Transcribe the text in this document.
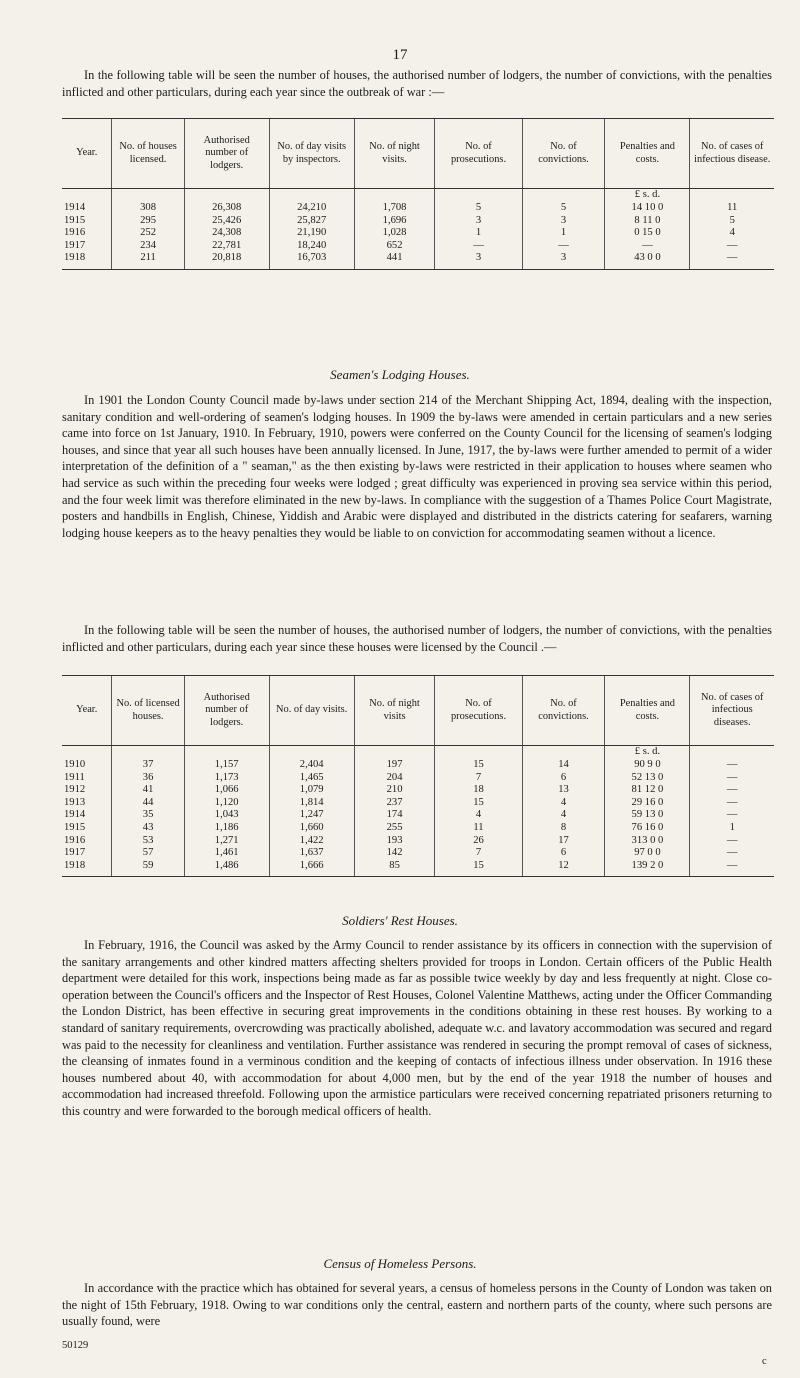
17

In the following table will be seen the number of houses, the authorised number of lodgers, the number of convictions, with the penalties inflicted and other particulars, during each year since the outbreak of war :—

Year.	No. of houses licensed.	Authorised number of lodgers.	No. of day visits by inspectors.	No. of night visits.	No. of prosecutions.	No. of convictions.	Penalties and costs.	No. of cases of infectious disease.
							£ s. d.	
1914	308	26,308	24,210	1,708	5	5	14 10 0	11
1915	295	25,426	25,827	1,696	3	3	8 11 0	5
1916	252	24,308	21,190	1,028	1	1	0 15 0	4
1917	234	22,781	18,240	652	—	—	—	—
1918	211	20,818	16,703	441	3	3	43 0 0	—
Seamen's Lodging Houses.

In 1901 the London County Council made by-laws under section 214 of the Merchant Shipping Act, 1894, dealing with the inspection, sanitary condition and well-ordering of seamen's lodging houses. In 1909 the by-laws were amended in certain particulars and a new series came into force on 1st January, 1910. In February, 1910, powers were conferred on the County Council for the licensing of seamen's lodging houses, and since that year all such houses have been annually licensed. In June, 1917, the by-laws were further amended to permit of a wider interpretation of the definition of a " seaman," as the then existing by-laws were restricted in their application to houses where seamen who had service as such within the preceding four weeks were lodged ; great difficulty was experienced in proving sea service within this period, and the four week limit was therefore eliminated in the new by-laws. In compliance with the suggestion of a Thames Police Court Magistrate, posters and handbills in English, Chinese, Yiddish and Arabic were displayed and distributed in the districts catering for seafarers, warning lodging house keepers as to the heavy penalties they would be liable to on conviction for accommodating seamen without a licence.

In the following table will be seen the number of houses, the authorised number of lodgers, the number of convictions, with the penalties inflicted and other particulars, during each year since these houses were licensed by the Council .—

Year.	No. of licensed houses.	Authorised number of lodgers.	No. of day visits.	No. of night visits	No. of prosecutions.	No. of convictions.	Penalties and costs.	No. of cases of infectious diseases.
							£ s. d.	
1910	37	1,157	2,404	197	15	14	90 9 0	—
1911	36	1,173	1,465	204	7	6	52 13 0	—
1912	41	1,066	1,079	210	18	13	81 12 0	—
1913	44	1,120	1,814	237	15	4	29 16 0	—
1914	35	1,043	1,247	174	4	4	59 13 0	—
1915	43	1,186	1,660	255	11	8	76 16 0	1
1916	53	1,271	1,422	193	26	17	313 0 0	—
1917	57	1,461	1,637	142	7	6	97 0 0	—
1918	59	1,486	1,666	85	15	12	139 2 0	—
Soldiers' Rest Houses.

In February, 1916, the Council was asked by the Army Council to render assistance by its officers in connection with the supervision of the sanitary arrangements and other kindred matters affecting shelters provided for troops in London. Certain officers of the Public Health department were detailed for this work, inspections being made as far as possible twice weekly by day and less frequently at night. Close co-operation between the Council's officers and the Inspector of Rest Houses, Colonel Valentine Matthews, acting under the Officer Commanding the London District, has been effective in securing great improvements in the conditions obtaining in these rest houses. By working to a standard of sanitary requirements, overcrowding was practically abolished, adequate w.c. and lavatory accommodation was secured and regard was paid to the necessity for cleanliness and ventilation. Further assistance was rendered in securing the prompt removal of cases of sickness, the cleansing of inmates found in a verminous condition and the keeping of contacts of infectious illness under observation. In 1916 these houses numbered about 40, with accommodation for about 4,000 men, but by the end of the year 1918 the number of houses and accommodation had increased threefold. Following upon the armistice particulars were received concerning repatriated prisoners returning to this country and were forwarded to the borough medical officers of health.

Census of Homeless Persons.

In accordance with the practice which has obtained for several years, a census of homeless persons in the County of London was taken on the night of 15th February, 1918. Owing to war conditions only the central, eastern and northern parts of the county, where such persons are usually found, were

50129
c
